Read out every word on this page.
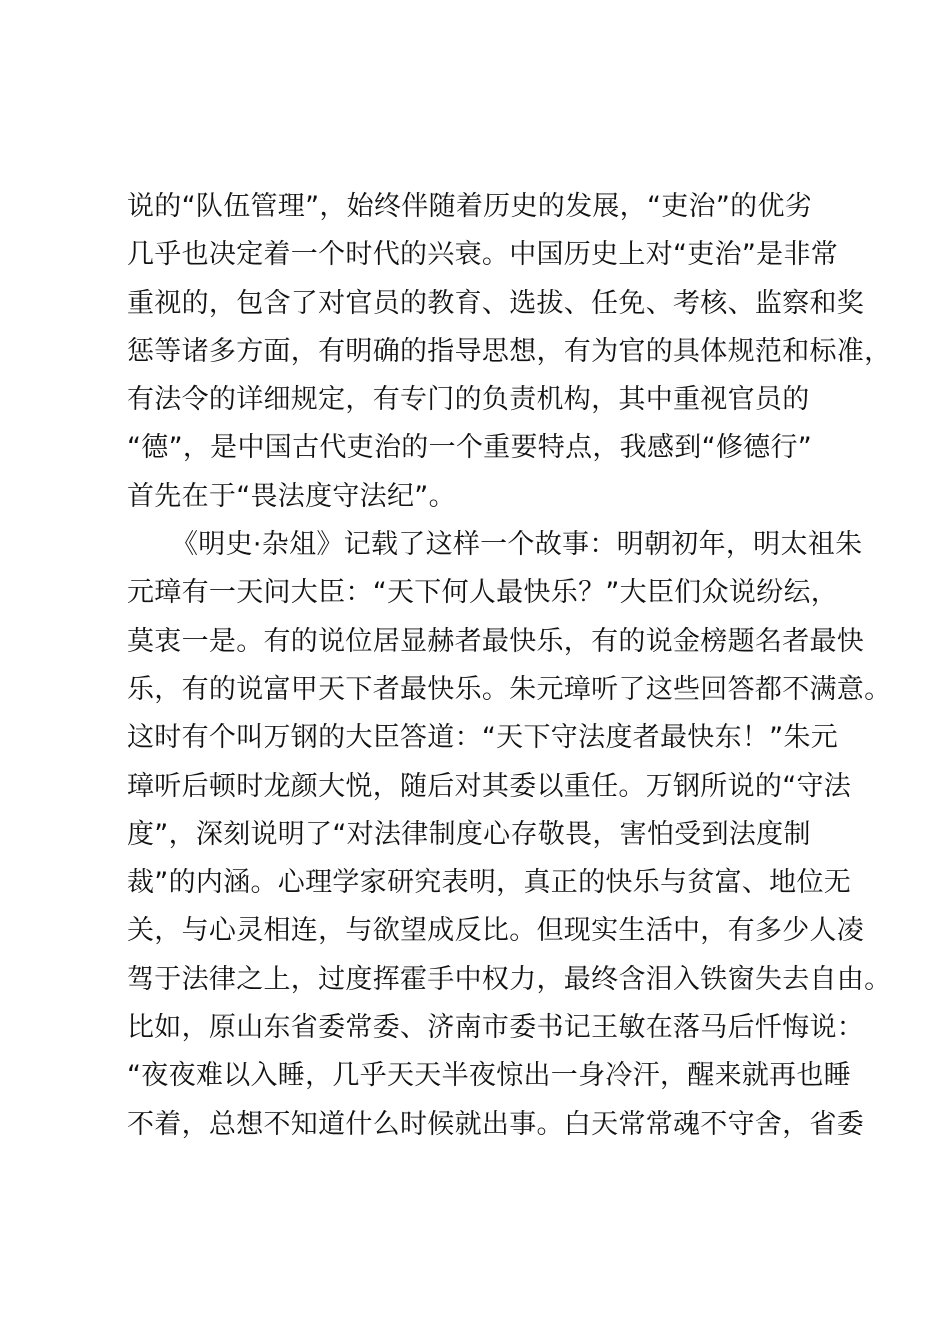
说的“队伍管理”，始终伴随着历史的发展，“吏治”的优劣
几乎也决定着一个时代的兴衰。中国历史上对“吏治”是非常
重视的，包含了对官员的教育、选拔、任免、考核、监察和奖
惩等诸多方面，有明确的指导思想，有为官的具体规范和标准，
有法令的详细规定，有专门的负责机构，其中重视官员的
“德”，是中国古代吏治的一个重要特点，我感到“修德行”
首先在于“畏法度守法纪”。
《明史·杂俎》记载了这样一个故事：明朝初年，明太祖朱
元璋有一天问大臣：“天下何人最快乐？”大臣们众说纷纭，
莫衷一是。有的说位居显赫者最快乐，有的说金榜题名者最快
乐，有的说富甲天下者最快乐。朱元璋听了这些回答都不满意。
这时有个叫万钢的大臣答道：“天下守法度者最快东！”朱元
璋听后顿时龙颜大悦，随后对其委以重任。万钢所说的“守法
度”，深刻说明了“对法律制度心存敬畏，害怕受到法度制
裁”的内涵。心理学家研究表明，真正的快乐与贫富、地位无
关，与心灵相连，与欲望成反比。但现实生活中，有多少人凌
驾于法律之上，过度挥霍手中权力，最终含泪入铁窗失去自由。
比如，原山东省委常委、济南市委书记王敏在落马后忏悔说：
“夜夜难以入睡，几乎天天半夜惊出一身冷汗，醒来就再也睡
不着，总想不知道什么时候就出事。白天常常魂不守舍，省委
